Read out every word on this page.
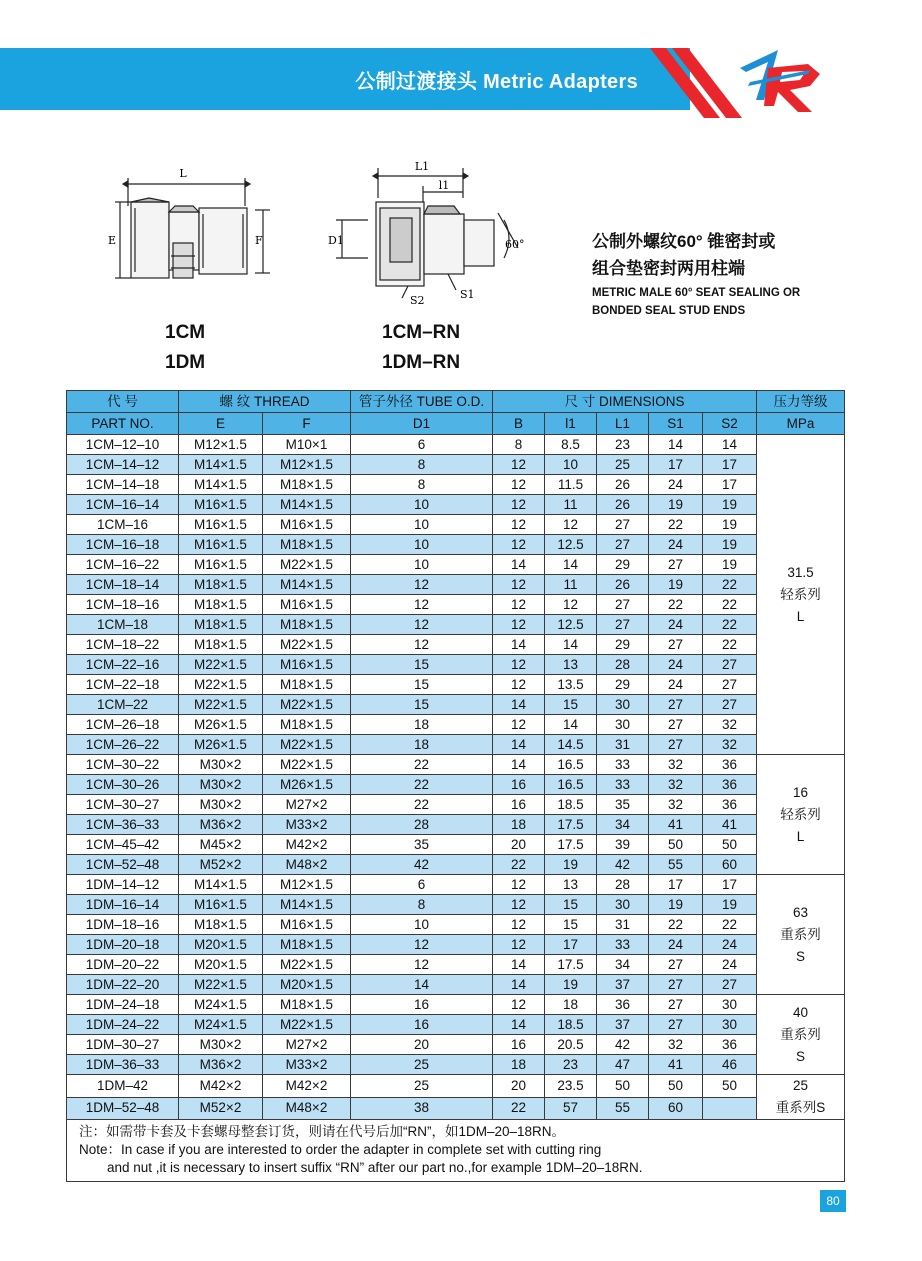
公制过渡接头 Metric Adapters
L
E	F
L1
l1
D1	60°
S2	S1
1CM
1DM
1CM–RN
1DM–RN
公制外螺纹60° 锥密封或
组合垫密封两用柱端
METRIC MALE 60° SEAT SEALING OR
BONDED SEAL STUD ENDS
代 号	螺 纹 THREAD		管子外径 TUBE O.D.	尺 寸 DIMENSIONS					压力等级
PART NO.	E	F	D1	B	l1	L1	S1	S2	MPa
1CM–12–10	M12×1.5	M10×1	6	8	8.5	23	14	14	31.5
轻系列
L

1CM–14–12	M14×1.5	M12×1.5	8	12	10	25	17	17	
1CM–14–18	M14×1.5	M18×1.5	8	12	11.5	26	24	17	
1CM–16–14	M16×1.5	M14×1.5	10	12	11	26	19	19	
1CM–16	M16×1.5	M16×1.5	10	12	12	27	22	19	
1CM–16–18	M16×1.5	M18×1.5	10	12	12.5	27	24	19	
1CM–16–22	M16×1.5	M22×1.5	10	14	14	29	27	19	
1CM–18–14	M18×1.5	M14×1.5	12	12	11	26	19	22	
1CM–18–16	M18×1.5	M16×1.5	12	12	12	27	22	22	
1CM–18	M18×1.5	M18×1.5	12	12	12.5	27	24	22	
1CM–18–22	M18×1.5	M22×1.5	12	14	14	29	27	22	
1CM–22–16	M22×1.5	M16×1.5	15	12	13	28	24	27	
1CM–22–18	M22×1.5	M18×1.5	15	12	13.5	29	24	27	
1CM–22	M22×1.5	M22×1.5	15	14	15	30	27	27	
1CM–26–18	M26×1.5	M18×1.5	18	12	14	30	27	32	
1CM–26–22	M26×1.5	M22×1.5	18	14	14.5	31	27	32	
1CM–30–22	M30×2	M22×1.5	22	14	16.5	33	32	36	16
轻系列
L

1CM–30–26	M30×2	M26×1.5	22	16	16.5	33	32	36	
1CM–30–27	M30×2	M27×2	22	16	18.5	35	32	36	
1CM–36–33	M36×2	M33×2	28	18	17.5	34	41	41	
1CM–45–42	M45×2	M42×2	35	20	17.5	39	50	50	
1CM–52–48	M52×2	M48×2	42	22	19	42	55	60	
1DM–14–12	M14×1.5	M12×1.5	6	12	13	28	17	17	63
重系列
S

1DM–16–14	M16×1.5	M14×1.5	8	12	15	30	19	19	
1DM–18–16	M18×1.5	M16×1.5	10	12	15	31	22	22	
1DM–20–18	M20×1.5	M18×1.5	12	12	17	33	24	24	
1DM–20–22	M20×1.5	M22×1.5	12	14	17.5	34	27	24	
1DM–22–20	M22×1.5	M20×1.5	14	14	19	37	27	27	
1DM–24–18	M24×1.5	M18×1.5	16	12	18	36	27	30	40
重系列
S

1DM–24–22	M24×1.5	M22×1.5	16	14	18.5	37	27	30	
1DM–30–27	M30×2	M27×2	20	16	20.5	42	32	36	
1DM–36–33	M36×2	M33×2	25	18	23	47	41	46	
1DM–42	M42×2	M42×2	25	20	23.5	50	50	50	25
重系列S

1DM–52–48	M52×2	M48×2	38	22	57	55	60		

注：如需带卡套及卡套螺母整套订货，则请在代号后加“RN”，如1DM–20–18RN。
Note：In case if you are interested to order the adapter in complete set with cutting ring
and nut ,it is necessary to insert suffix “RN” after our part no.,for example 1DM–20–18RN.									
80
